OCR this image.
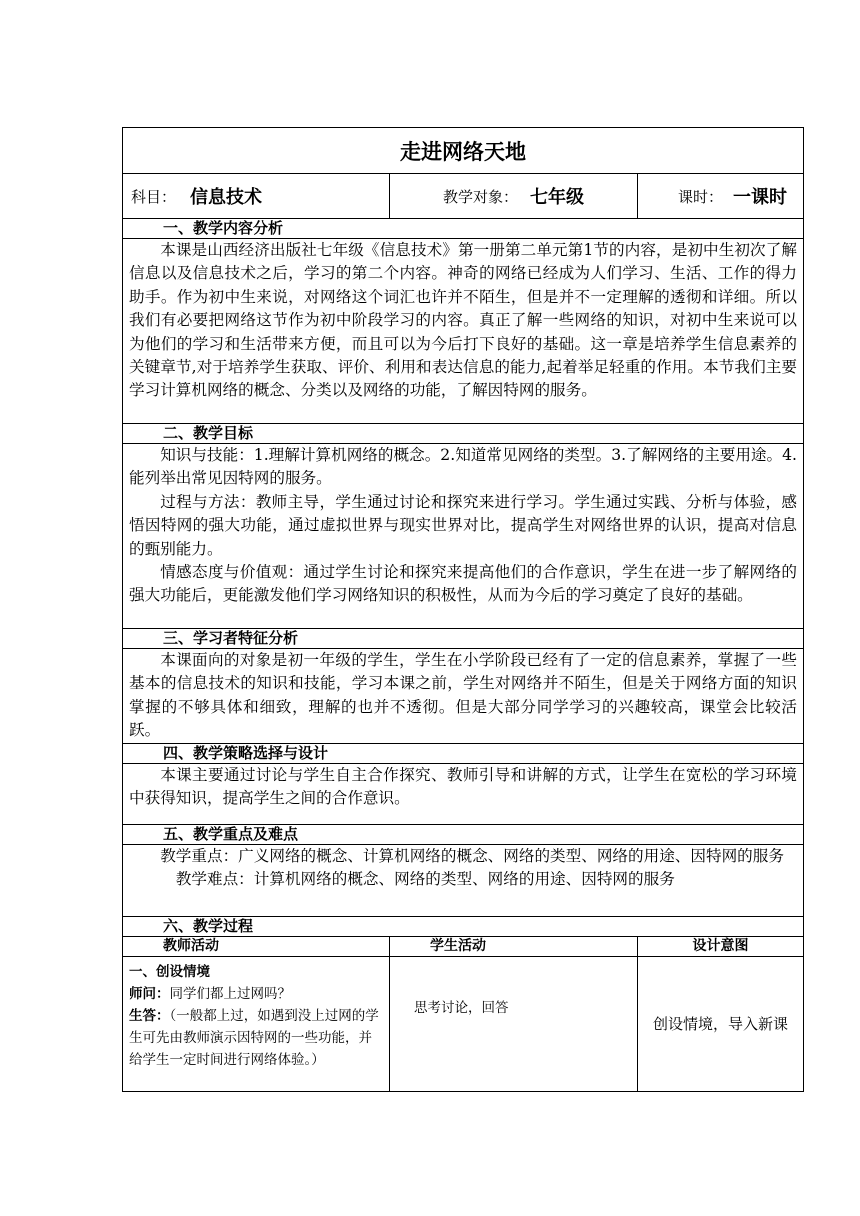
走进网络天地		

科目： 信息技术	教学对象： 七年级	课时： 一课时

一、教学内容分析		

本课是山西经济出版社七年级《信息技术》第一册第二单元第1节的内容，是初中生初次了解信息以及信息技术之后，学习的第二个内容。神奇的网络已经成为人们学习、生活、工作的得力助手。作为初中生来说，对网络这个词汇也许并不陌生，但是并不一定理解的透彻和详细。所以我们有必要把网络这节作为初中阶段学习的内容。真正了解一些网络的知识，对初中生来说可以为他们的学习和生活带来方便，而且可以为今后打下良好的基础。这一章是培养学生信息素养的关键章节,对于培养学生获取、评价、利用和表达信息的能力,起着举足轻重的作用。本节我们主要学习计算机网络的概念、分类以及网络的功能，了解因特网的服务。		

二、教学目标		

知识与技能：1.理解计算机网络的概念。2.知道常见网络的类型。3.了解网络的主要用途。4.能列举出常见因特网的服务。

过程与方法：教师主导，学生通过讨论和探究来进行学习。学生通过实践、分析与体验，感悟因特网的强大功能，通过虚拟世界与现实世界对比，提高学生对网络世界的认识，提高对信息的甄别能力。

情感态度与价值观：通过学生讨论和探究来提高他们的合作意识，学生在进一步了解网络的强大功能后，更能激发他们学习网络知识的积极性，从而为今后的学习奠定了良好的基础。		

三、学习者特征分析		

本课面向的对象是初一年级的学生，学生在小学阶段已经有了一定的信息素养，掌握了一些基本的信息技术的知识和技能，学习本课之前，学生对网络并不陌生，但是关于网络方面的知识掌握的不够具体和细致，理解的也并不透彻。但是大部分同学学习的兴趣较高，课堂会比较活跃。		

四、教学策略选择与设计		

本课主要通过讨论与学生自主合作探究、教师引导和讲解的方式，让学生在宽松的学习环境中获得知识，提高学生之间的合作意识。		

五、教学重点及难点		

教学重点：广义网络的概念、计算机网络的概念、网络的类型、网络的用途、因特网的服务

教学难点：计算机网络的概念、网络的类型、网络的用途、因特网的服务		

六、教学过程		
教师活动	学生活动	设计意图

一、创设情境
师问：同学们都上过网吗？
生答：（一般都上过，如遇到没上过网的学生可先由教师演示因特网的一些功能，并给学生一定时间进行网络体验。）	思考讨论，回答	创设情境，导入新课
